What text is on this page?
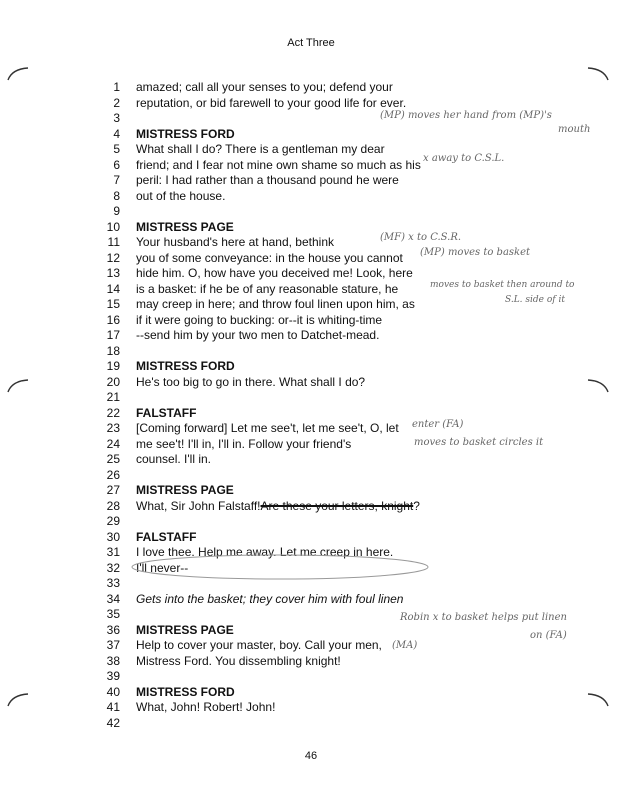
Act Three
1 amazed; call all your senses to you; defend your
2 reputation, or bid farewell to your good life for ever.
3
4 MISTRESS FORD
5 What shall I do? There is a gentleman my dear
6 friend; and I fear not mine own shame so much as his
7 peril: I had rather than a thousand pound he were
8 out of the house.
9
10 MISTRESS PAGE
11 Your husband's here at hand, bethink
12 you of some conveyance: in the house you cannot
13 hide him. O, how have you deceived me! Look, here
14 is a basket: if he be of any reasonable stature, he
15 may creep in here; and throw foul linen upon him, as
16 if it were going to bucking: or--it is whiting-time
17 --send him by your two men to Datchet-mead.
18
19 MISTRESS FORD
20 He's too big to go in there. What shall I do?
21
22 FALSTAFF
23 [Coming forward] Let me see't, let me see't, O, let
24 me see't! I'll in, I'll in. Follow your friend's
25 counsel. I'll in.
26
27 MISTRESS PAGE
28 What, Sir John Falstaff! Are these your letters, knight ?
29
30 FALSTAFF
31 I love thee. Help me away. Let me creep in here.
32 I'll never--
33
34 Gets into the basket; they cover him with foul linen
35
36 MISTRESS PAGE
37 Help to cover your master, boy. Call your men,
38 Mistress Ford. You dissembling knight!
39
40 MISTRESS FORD
41 What, John! Robert! John!
42
46
(MP) moves her hand from (MP)'s
mouth
x away to C.S.L.
(MF) x to C.S.R.
(MP) moves to basket
moves to basket then around to
S.L. side of it
enter (FA)
moves to basket circles it
Robin x to basket helps put linen
on (FA)
(MA)
